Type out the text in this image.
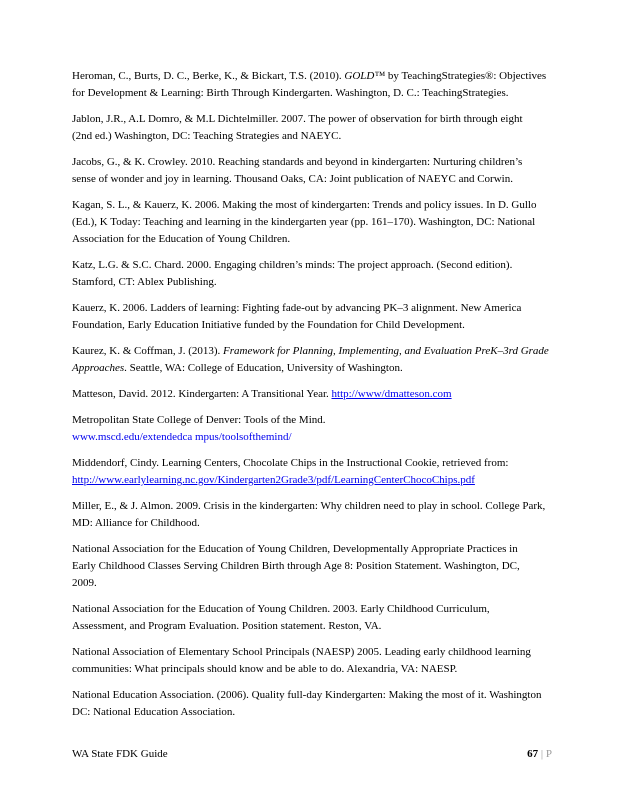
Heroman, C., Burts, D. C., Berke, K., & Bickart, T.S. (2010). GOLD™ by TeachingStrategies®: Objectives

for Development & Learning: Birth Through Kindergarten. Washington, D. C.: TeachingStrategies.

Jablon, J.R., A.L Domro, & M.L Dichtelmiller. 2007. The power of observation for birth through eight

(2nd ed.) Washington, DC: Teaching Strategies and NAEYC.

Jacobs, G., & K. Crowley. 2010. Reaching standards and beyond in kindergarten: Nurturing children’s

sense of wonder and joy in learning. Thousand Oaks, CA: Joint publication of NAEYC and Corwin.

Kagan, S. L., & Kauerz, K. 2006. Making the most of kindergarten: Trends and policy issues. In D. Gullo

(Ed.), K Today: Teaching and learning in the kindergarten year (pp. 161–170). Washington, DC: National

Association for the Education of Young Children.

Katz, L.G. & S.C. Chard. 2000. Engaging children’s minds: The project approach. (Second edition).

Stamford, CT: Ablex Publishing.

Kauerz, K. 2006. Ladders of learning: Fighting fade-out by advancing PK–3 alignment. New America

Foundation, Early Education Initiative funded by the Foundation for Child Development.

Kaurez, K. & Coffman, J. (2013). Framework for Planning, Implementing, and Evaluation PreK–3rd Grade

Approaches. Seattle, WA: College of Education, University of Washington.

Matteson, David. 2012. Kindergarten: A Transitional Year. http://www/dmatteson.com

Metropolitan State College of Denver: Tools of the Mind.

www.mscd.edu/extendedca mpus/toolsofthemind/

Middendorf, Cindy. Learning Centers, Chocolate Chips in the Instructional Cookie, retrieved from:

http://www.earlylearning.nc.gov/Kindergarten2Grade3/pdf/LearningCenterChocoChips.pdf

Miller, E., & J. Almon. 2009. Crisis in the kindergarten: Why children need to play in school. College Park,

MD: Alliance for Childhood.

National Association for the Education of Young Children, Developmentally Appropriate Practices in

Early Childhood Classes Serving Children Birth through Age 8: Position Statement. Washington, DC,

2009.

National Association for the Education of Young Children. 2003. Early Childhood Curriculum,

Assessment, and Program Evaluation. Position statement. Reston, VA.

National Association of Elementary School Principals (NAESP) 2005. Leading early childhood learning

communities: What principals should know and be able to do. Alexandria, VA: NAESP.

National Education Association. (2006). Quality full-day Kindergarten: Making the most of it. Washington

DC: National Education Association.

WA State FDK Guide	67 | P
